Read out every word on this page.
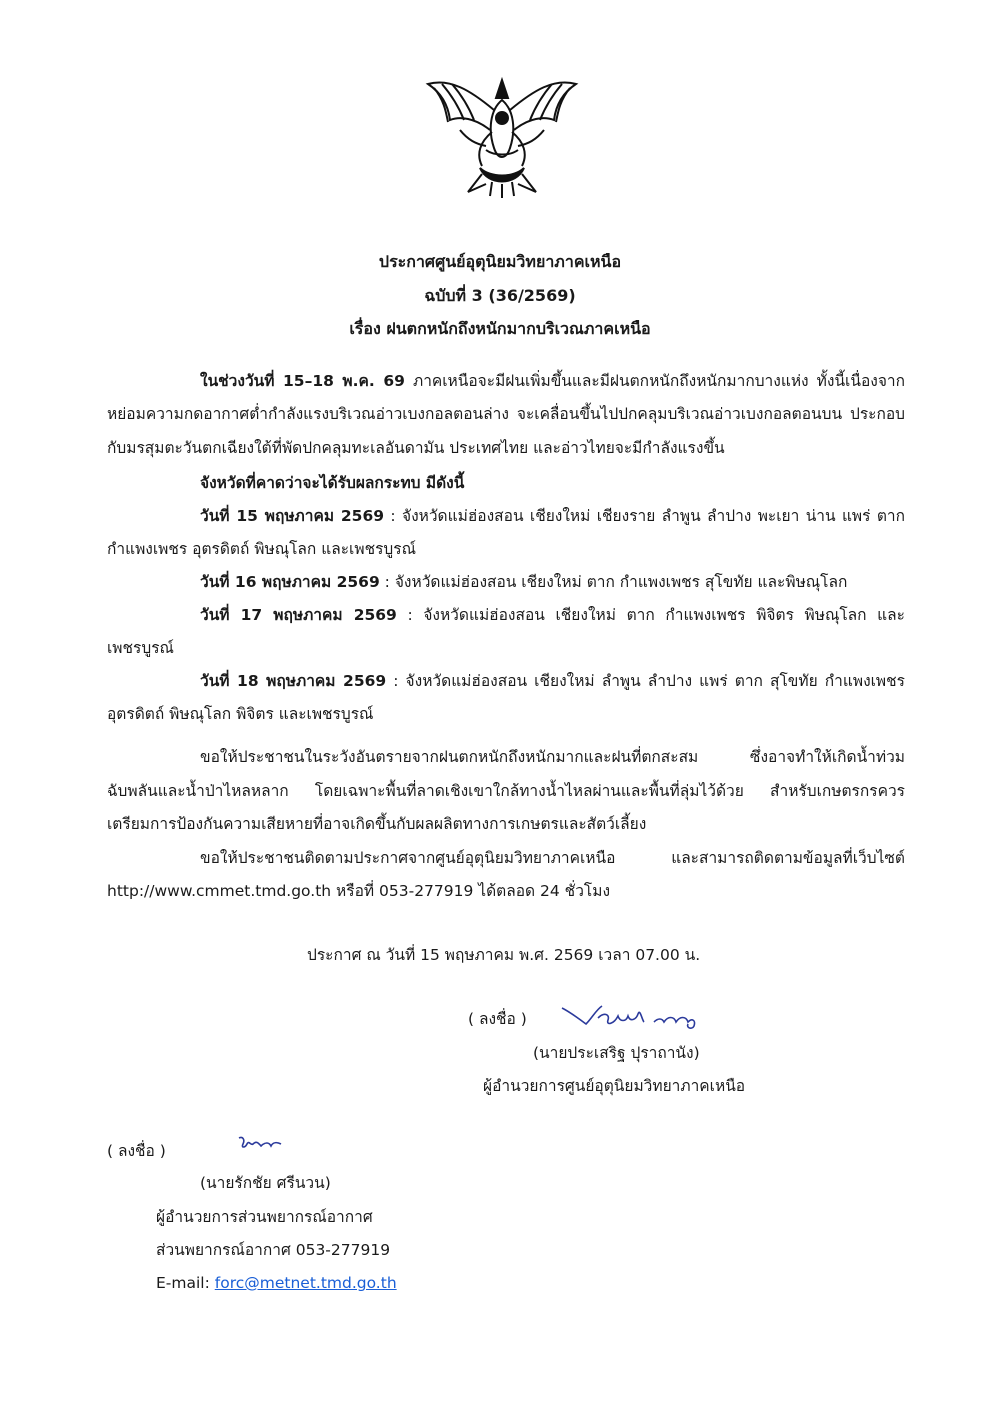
ประกาศศูนย์อุตุนิยมวิทยาภาคเหนือ
ฉบับที่ 3 (36/2569)
เรื่อง ฝนตกหนักถึงหนักมากบริเวณภาคเหนือ
ในช่วงวันที่ 15–18 พ.ค. 69 ภาคเหนือจะมีฝนเพิ่มขึ้นและมีฝนตกหนักถึงหนักมากบางแห่ง ทั้งนี้เนื่องจาก
หย่อมความกดอากาศต่ำกำลังแรงบริเวณอ่าวเบงกอลตอนล่าง จะเคลื่อนขึ้นไปปกคลุมบริเวณอ่าวเบงกอลตอนบน ประกอบ
กับมรสุมตะวันตกเฉียงใต้ที่พัดปกคลุมทะเลอันดามัน ประเทศไทย และอ่าวไทยจะมีกำลังแรงขึ้น
จังหวัดที่คาดว่าจะได้รับผลกระทบ มีดังนี้
วันที่ 15 พฤษภาคม 2569 : จังหวัดแม่ฮ่องสอน เชียงใหม่ เชียงราย ลำพูน ลำปาง พะเยา น่าน แพร่ ตาก
กำแพงเพชร อุตรดิตถ์ พิษณุโลก และเพชรบูรณ์
วันที่ 16 พฤษภาคม 2569 : จังหวัดแม่ฮ่องสอน เชียงใหม่ ตาก กำแพงเพชร สุโขทัย และพิษณุโลก
วันที่ 17 พฤษภาคม 2569 : จังหวัดแม่ฮ่องสอน เชียงใหม่ ตาก กำแพงเพชร พิจิตร พิษณุโลก และ
เพชรบูรณ์
วันที่ 18 พฤษภาคม 2569 : จังหวัดแม่ฮ่องสอน เชียงใหม่ ลำพูน ลำปาง แพร่ ตาก สุโขทัย กำแพงเพชร
อุตรดิตถ์ พิษณุโลก พิจิตร และเพชรบูรณ์
ขอให้ประชาชนในระวังอันตรายจากฝนตกหนักถึงหนักมากและฝนที่ตกสะสม ซึ่งอาจทำให้เกิดน้ำท่วม
ฉับพลันและน้ำป่าไหลหลาก โดยเฉพาะพื้นที่ลาดเชิงเขาใกล้ทางน้ำไหลผ่านและพื้นที่ลุ่มไว้ด้วย สำหรับเกษตรกรควร
เตรียมการป้องกันความเสียหายที่อาจเกิดขึ้นกับผลผลิตทางการเกษตรและสัตว์เลี้ยง
ขอให้ประชาชนติดตามประกาศจากศูนย์อุตุนิยมวิทยาภาคเหนือ และสามารถติดตามข้อมูลที่เว็บไซต์
http://www.cmmet.tmd.go.th หรือที่ 053-277919 ได้ตลอด 24 ชั่วโมง
ประกาศ ณ วันที่ 15 พฤษภาคม พ.ศ. 2569 เวลา 07.00 น.
( ลงชื่อ )
(นายประเสริฐ ปุราถานัง)
ผู้อำนวยการศูนย์อุตุนิยมวิทยาภาคเหนือ
( ลงชื่อ )
(นายรักชัย ศรีนวน)
ผู้อำนวยการส่วนพยากรณ์อากาศ
ส่วนพยากรณ์อากาศ 053-277919
E-mail: forc@metnet.tmd.go.th
